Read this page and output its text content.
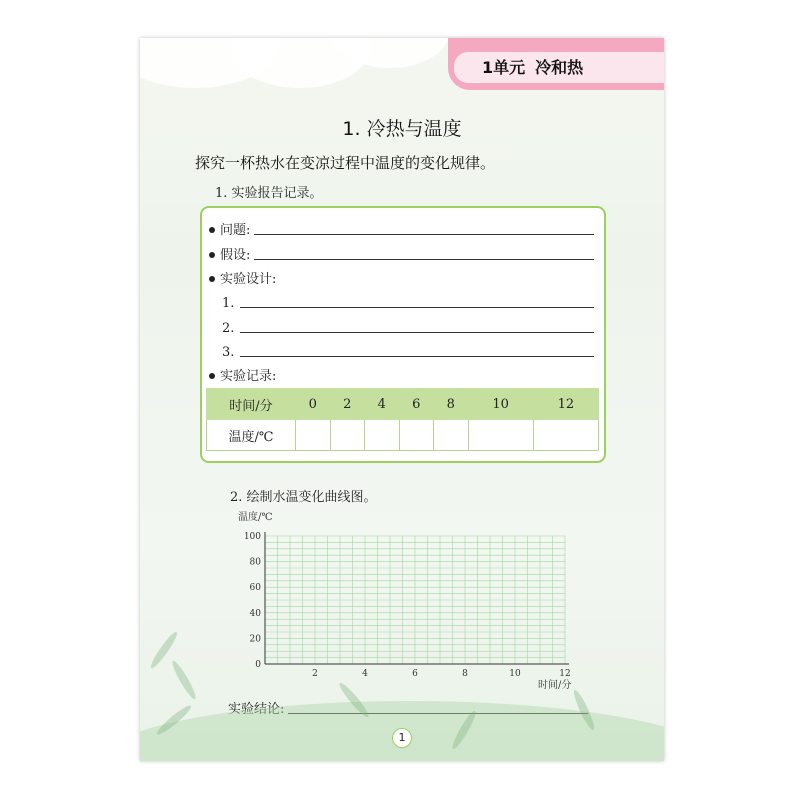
1单元 冷和热
1. 冷热与温度
探究一杯热水在变凉过程中温度的变化规律。
1. 实验报告记录。
问题:
假设:
实验设计:
1.
2.
3.
实验记录:
时间/分	0	2	4	6	8	10	12
温度/℃							
2. 绘制水温变化曲线图。
温度/℃
时间/分
0
20
40
60
80
100
2	4	6	8	10	12
实验结论:
1
